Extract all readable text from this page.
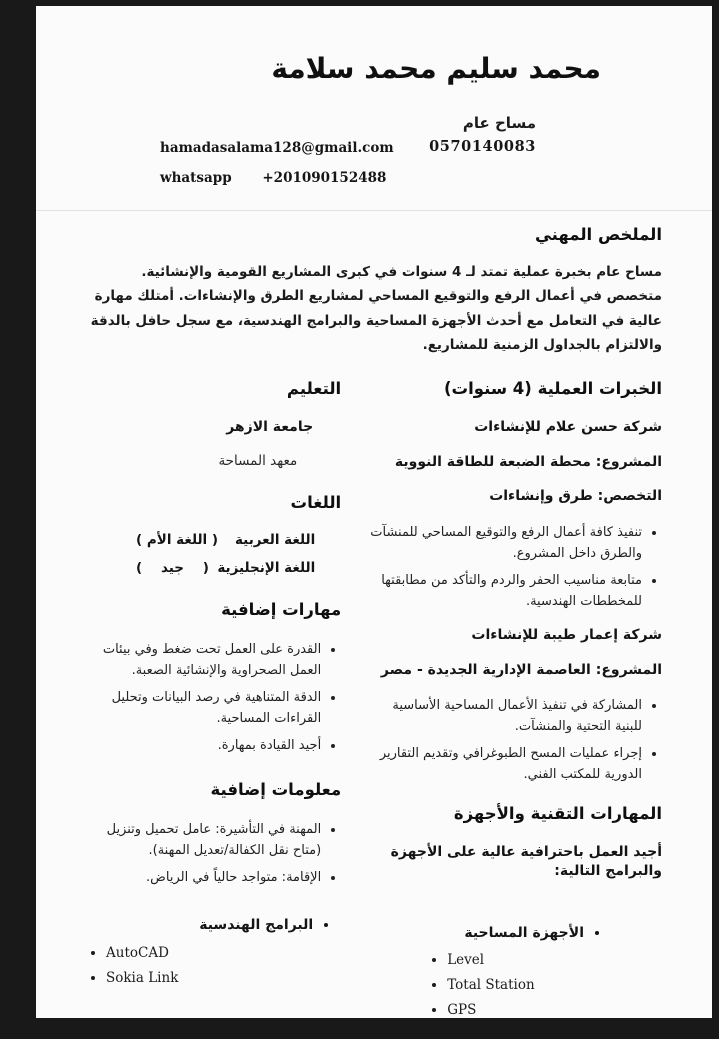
محمد سليم محمد سلامة
مساح عام
0570140083
hamadasalama128@gmail.com
whatsapp +201090152488
الملخص المهني

مساح عام بخبرة عملية تمتد لـ 4 سنوات في كبرى المشاريع القومية والإنشائية. متخصص في أعمال الرفع والتوقيع المساحي لمشاريع الطرق والإنشاءات. أمتلك مهارة عالية في التعامل مع أحدث الأجهزة المساحية والبرامج الهندسية، مع سجل حافل بالدقة والالتزام بالجداول الزمنية للمشاريع.

الخبرات العملية (4 سنوات)
شركة حسن علام للإنشاءات
المشروع: محطة الضبعة للطاقة النووية
التخصص: طرق وإنشاءات
• تنفيذ كافة أعمال الرفع والتوقيع المساحي للمنشآت والطرق داخل المشروع.
• متابعة مناسيب الحفر والردم والتأكد من مطابقتها للمخططات الهندسية.
شركة إعمار طيبة للإنشاءات
المشروع: العاصمة الإدارية الجديدة - مصر
• المشاركة في تنفيذ الأعمال المساحية الأساسية للبنية التحتية والمنشآت.
• إجراء عمليات المسح الطبوغرافي وتقديم التقارير الدورية للمكتب الفني.
المهارات التقنية والأجهزة
أجيد العمل باحترافية عالية على الأجهزة والبرامج التالية:
• الأجهزة المساحية
• Level
• Total Station
• GPS
التعليم
جامعة الازهر
معهد المساحة
اللغات
اللغة العربية
( اللغة الأم )
اللغة الإنجليزية
(    جيد    )
مهارات إضافية
• القدرة على العمل تحت ضغط وفي بيئات العمل الصحراوية والإنشائية الصعبة.
• الدقة المتناهية في رصد البيانات وتحليل القراءات المساحية.
• أجيد القيادة بمهارة.
معلومات إضافية
• المهنة في التأشيرة: عامل تحميل وتنزيل (متاح نقل الكفالة/تعديل المهنة).
• الإقامة: متواجد حالياً في الرياض.
• البرامج الهندسية
• AutoCAD
• Sokia Link
